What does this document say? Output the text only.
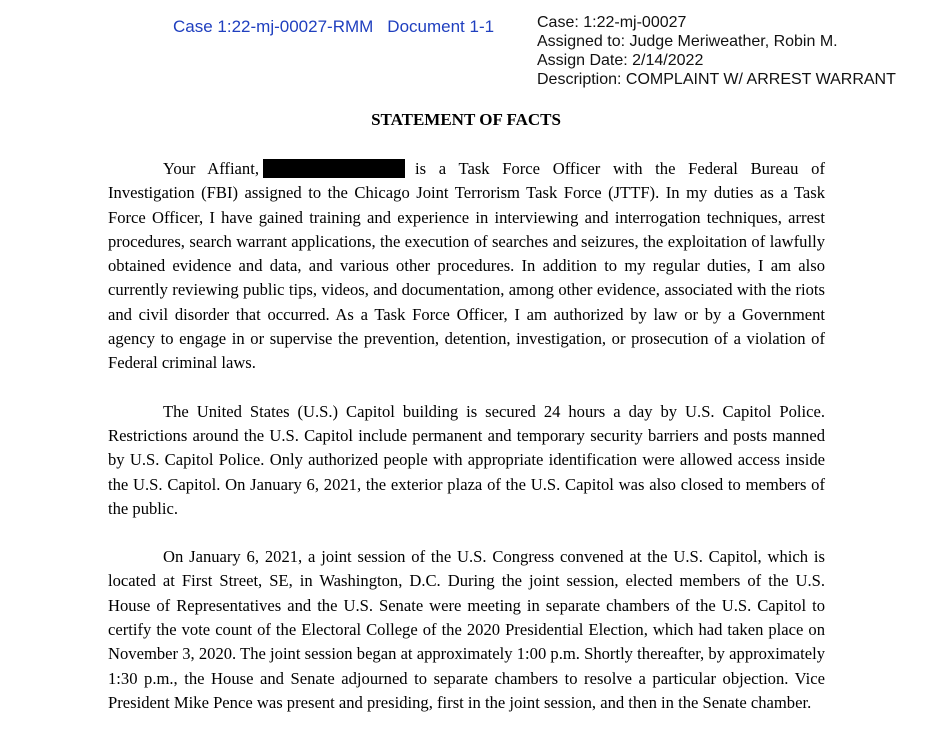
Case 1:22-mj-00027-RMM Document 1-1	Case: 1:22-mj-00027
Assigned to: Judge Meriweather, Robin M.
Assign Date: 2/14/2022
Description: COMPLAINT W/ ARREST WARRANT
STATEMENT OF FACTS

Your Affiant,	is a Task Force Officer with the Federal Bureau of Investigation (FBI) assigned to the Chicago Joint Terrorism Task Force (JTTF). In my duties as a Task Force Officer, I have gained training and experience in interviewing and interrogation techniques, arrest procedures, search warrant applications, the execution of searches and seizures, the exploitation of lawfully obtained evidence and data, and various other procedures. In addition to my regular duties, I am also currently reviewing public tips, videos, and documentation, among other evidence, associated with the riots and civil disorder that occurred. As a Task Force Officer, I am authorized by law or by a Government agency to engage in or supervise the prevention, detention, investigation, or prosecution of a violation of Federal criminal laws.

The United States (U.S.) Capitol building is secured 24 hours a day by U.S. Capitol Police. Restrictions around the U.S. Capitol include permanent and temporary security barriers and posts manned by U.S. Capitol Police. Only authorized people with appropriate identification were allowed access inside the U.S. Capitol. On January 6, 2021, the exterior plaza of the U.S. Capitol was also closed to members of the public.

On January 6, 2021, a joint session of the U.S. Congress convened at the U.S. Capitol, which is located at First Street, SE, in Washington, D.C. During the joint session, elected members of the U.S. House of Representatives and the U.S. Senate were meeting in separate chambers of the U.S. Capitol to certify the vote count of the Electoral College of the 2020 Presidential Election, which had taken place on November 3, 2020. The joint session began at approximately 1:00 p.m. Shortly thereafter, by approximately 1:30 p.m., the House and Senate adjourned to separate chambers to resolve a particular objection. Vice President Mike Pence was present and presiding, first in the joint session, and then in the Senate chamber.
